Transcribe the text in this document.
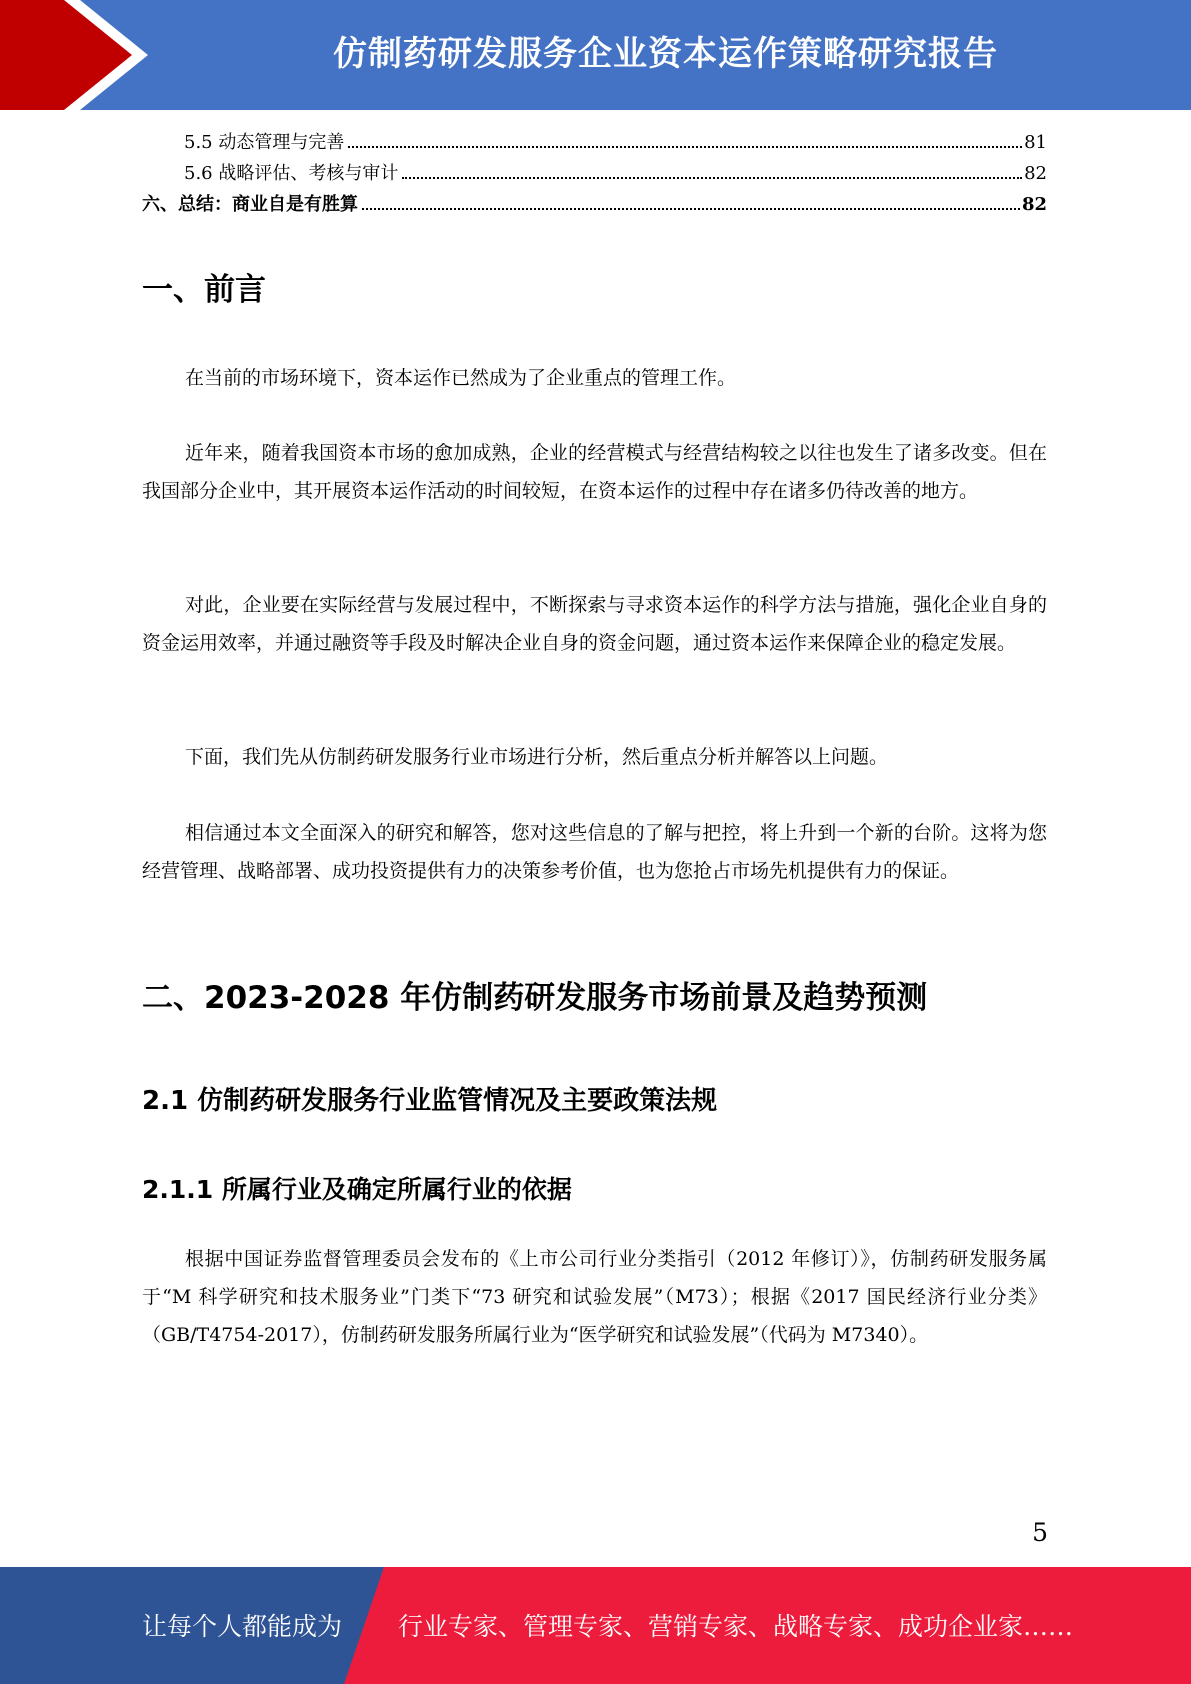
仿制药研发服务企业资本运作策略研究报告
5.5 动态管理与完善	81
5.6 战略评估、考核与审计	82
六、总结：商业自是有胜算	82
一、前言

在当前的市场环境下，资本运作已然成为了企业重点的管理工作。

近年来，随着我国资本市场的愈加成熟，企业的经营模式与经营结构较之以往也发生了诸多改变。但在我国部分企业中，其开展资本运作活动的时间较短，在资本运作的过程中存在诸多仍待改善的地方。

对此，企业要在实际经营与发展过程中，不断探索与寻求资本运作的科学方法与措施，强化企业自身的资金运用效率，并通过融资等手段及时解决企业自身的资金问题，通过资本运作来保障企业的稳定发展。

下面，我们先从仿制药研发服务行业市场进行分析，然后重点分析并解答以上问题。

相信通过本文全面深入的研究和解答，您对这些信息的了解与把控，将上升到一个新的台阶。这将为您经营管理、战略部署、成功投资提供有力的决策参考价值，也为您抢占市场先机提供有力的保证。

二、2023-2028 年仿制药研发服务市场前景及趋势预测
2.1 仿制药研发服务行业监管情况及主要政策法规
2.1.1 所属行业及确定所属行业的依据

根据中国证券监督管理委员会发布的《上市公司行业分类指引（2012 年修订）》，仿制药研发服务属于“M 科学研究和技术服务业”门类下“73 研究和试验发展”（M73）；根据《2017 国民经济行业分类》（GB/T4754-2017），仿制药研发服务所属行业为“医学研究和试验发展”（代码为 M7340）。

5
让每个人都能成为 行业专家、管理专家、营销专家、战略专家、成功企业家……
